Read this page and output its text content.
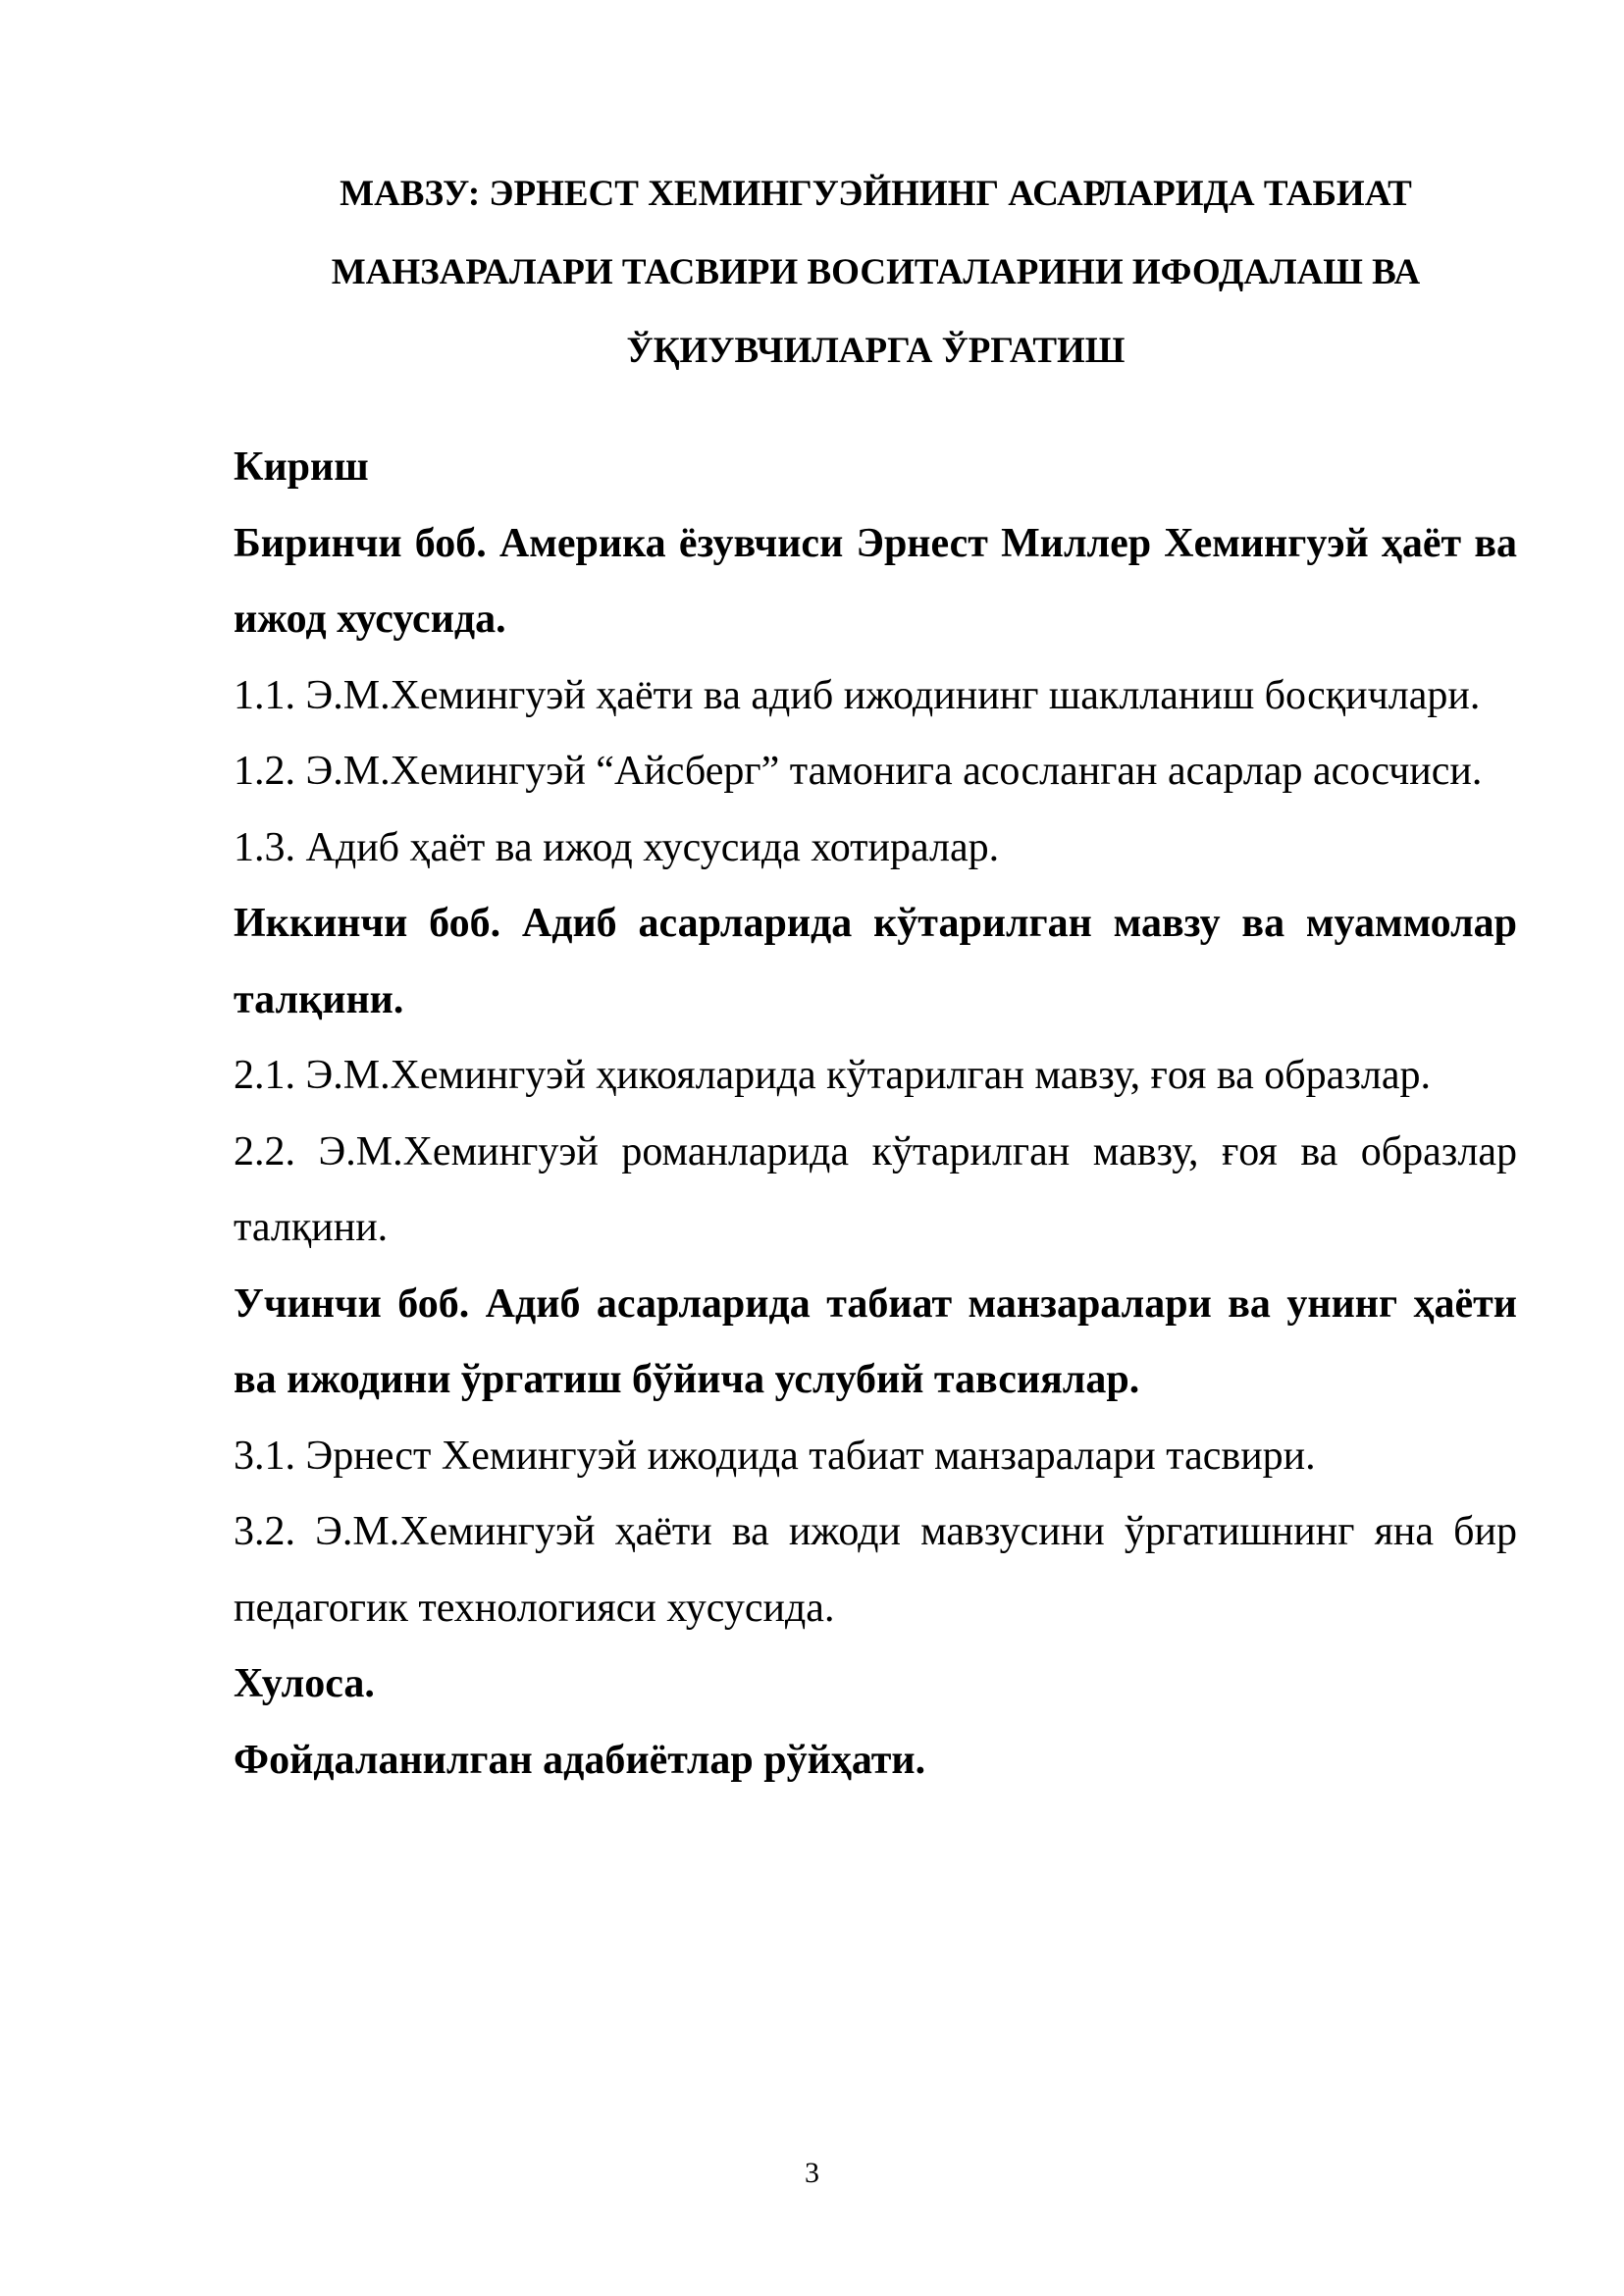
МАВЗУ: ЭРНЕСТ ХЕМИНГУЭЙНИНГ АСАРЛАРИДА ТАБИАТ
МАНЗАРАЛАРИ ТАСВИРИ ВОСИТАЛАРИНИ ИФОДАЛАШ ВА
ЎҚИУВЧИЛАРГА ЎРГАТИШ
Кириш
Биринчи боб. Америка ёзувчиси Эрнест Миллер Хемингуэй ҳаёт ва ижод хусусида.
1.1. Э.М.Хемингуэй ҳаёти ва адиб ижодининг шаклланиш босқичлари.
1.2. Э.М.Хемингуэй “Айсберг” тамонига асосланган асарлар асосчиси.
1.3. Адиб ҳаёт ва ижод хусусида хотиралар.
Иккинчи боб. Адиб асарларида кўтарилган мавзу ва муаммолар талқини.
2.1. Э.М.Хемингуэй ҳикояларида кўтарилган мавзу, ғоя ва образлар.
2.2. Э.М.Хемингуэй романларида кўтарилган мавзу, ғоя ва образлар талқини.
Учинчи боб. Адиб асарларида табиат манзаралари ва унинг ҳаёти ва ижодини ўргатиш бўйича услубий тавсиялар.
3.1. Эрнест Хемингуэй ижодида табиат манзаралари тасвири.
3.2. Э.М.Хемингуэй ҳаёти ва ижоди мавзусини ўргатишнинг яна бир педагогик технологияси хусусида.
Хулоса.
Фойдаланилган адабиётлар рўйҳати.
3
